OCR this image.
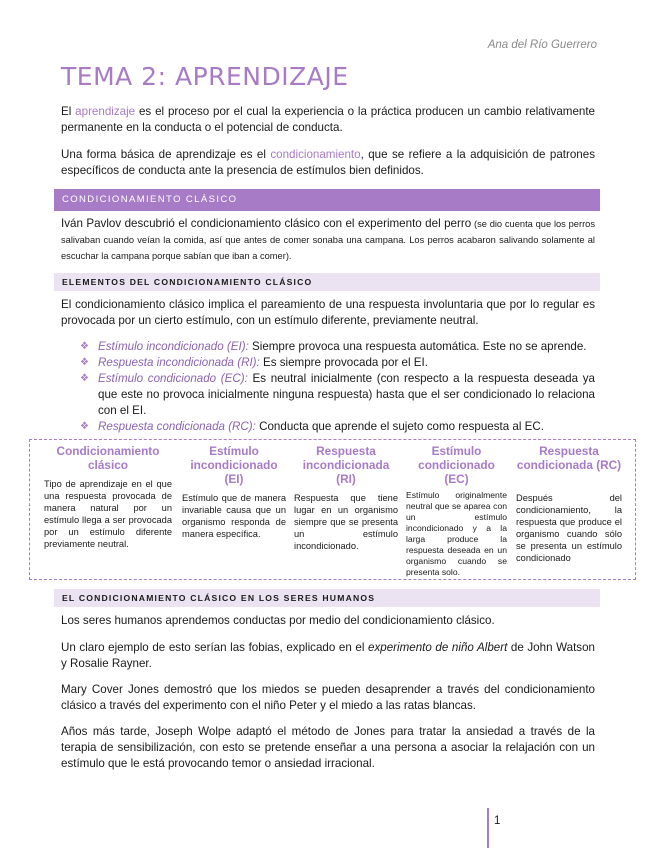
Ana del Río Guerrero
TEMA 2: APRENDIZAJE

El aprendizaje es el proceso por el cual la experiencia o la práctica producen un cambio relativamente permanente en la conducta o el potencial de conducta.

Una forma básica de aprendizaje es el condicionamiento, que se refiere a la adquisición de patrones específicos de conducta ante la presencia de estímulos bien definidos.

CONDICIONAMIENTO CLÁSICO

Iván Pavlov descubrió el condicionamiento clásico con el experimento del perro (se dio cuenta que los perros salivaban cuando veían la comida, así que antes de comer sonaba una campana. Los perros acabaron salivando solamente al escuchar la campana porque sabían que iban a comer).

ELEMENTOS DEL CONDICIONAMIENTO CLÁSICO

El condicionamiento clásico implica el pareamiento de una respuesta involuntaria que por lo regular es provocada por un cierto estímulo, con un estímulo diferente, previamente neutral.

❖ Estímulo incondicionado (EI): Siempre provoca una respuesta automática. Este no se aprende.
❖ Respuesta incondicionada (RI): Es siempre provocada por el EI.
❖ Estímulo condicionado (EC): Es neutral inicialmente (con respecto a la respuesta deseada ya que este no provoca inicialmente ninguna respuesta) hasta que el ser condicionado lo relaciona con el EI.
❖ Respuesta condicionada (RC): Conducta que aprende el sujeto como respuesta al EC.
Condicionamiento clásico
Tipo de aprendizaje en el que una respuesta provocada de manera natural por un estímulo llega a ser provocada por un estímulo diferente previamente neutral.
Estímulo incondicionado (EI)
Estímulo que de manera invariable causa que un organismo responda de manera específica.
Respuesta incondicionada (RI)
Respuesta que tiene lugar en un organismo siempre que se presenta un estímulo incondicionado.
Estímulo condicionado (EC)
Estímulo originalmente neutral que se aparea con un estímulo incondicionado y a la larga produce la respuesta deseada en un organismo cuando se presenta solo.
Respuesta condicionada (RC)
Después del condicionamiento, la respuesta que produce el organismo cuando sólo se presenta un estímulo condicionado
EL CONDICIONAMIENTO CLÁSICO EN LOS SERES HUMANOS

Los seres humanos aprendemos conductas por medio del condicionamiento clásico.

Un claro ejemplo de esto serían las fobias, explicado en el experimento de niño Albert de John Watson y Rosalie Rayner.

Mary Cover Jones demostró que los miedos se pueden desaprender a través del condicionamiento clásico a través del experimento con el niño Peter y el miedo a las ratas blancas.

Años más tarde, Joseph Wolpe adaptó el método de Jones para tratar la ansiedad a través de la terapia de sensibilización, con esto se pretende enseñar a una persona a asociar la relajación con un estímulo que le está provocando temor o ansiedad irracional.

1
